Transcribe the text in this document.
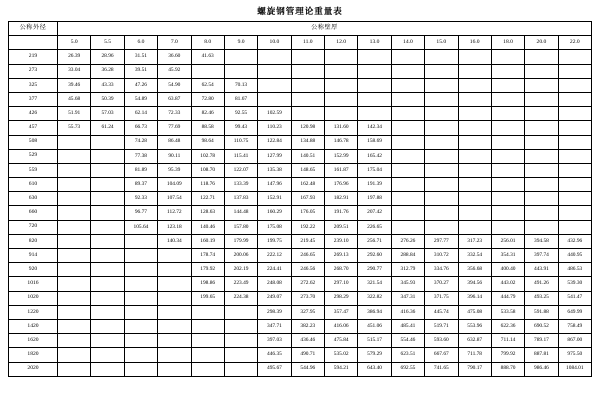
螺旋钢管理论重量表
公称外径	公称壁厚															
	5.0	5.5	6.0	7.0	8.0	9.0	10.0	11.0	12.0	13.0	14.0	15.0	16.0	18.0	20.0	22.0
219	26.39	28.96	31.51	36.60	41.63											
273	33.04	36.28	39.51	45.92												
325	39.46	43.33	47.26	54.90	62.54	70.13										
377	45.68	50.39	54.89	63.87	72.80	81.67										
426	51.91	57.03	62.14	72.33	82.46	92.55	102.59									
457	55.73	61.24	66.73	77.69	88.58	99.43	110.23	120.98	131.60	142.34						
508			74.28	86.48	98.64	110.75	122.84	134.88	146.78	158.69						
529			77.38	90.11	102.78	115.41	127.99	140.51	152.99	165.42						
559			81.89	95.39	108.70	122.07	135.38	148.65	161.87	175.04						
610			89.37	104.09	118.76	133.39	147.96	162.48	176.96	191.39						
630			92.33	107.54	122.71	137.83	152.91	167.93	182.91	197.88						
660			96.77	112.72	128.63	144.48	160.29	176.05	191.76	207.42						
720			105.64	123.18	140.46	157.80	175.08	192.22	209.51	226.65						
820				140.34	160.19	179.99	199.75	219.45	239.10	256.71	276.26	297.77	317.23	256.01	394.58	432.96
914					178.74	200.06	222.12	246.65	269.13	292.60	288.84	310.72	332.54	354.31	397.74	440.95
920					179.92	202.19	224.41	246.56	268.70	290.77	312.79	334.76	356.68	400.40	443.91	486.53
1016					198.86	223.49	248.08	272.62	297.10	321.54	345.93	370.27	394.56	443.02	491.26	539.30
1020					199.65	224.38	249.07	273.70	298.29	322.82	347.31	371.75	396.14	444.79	493.25	541.47
1220							298.39	327.95	357.47	386.94	416.36	445.74	475.08	533.58	591.88	649.99
1420							347.71	382.23	416.06	451.06	485.41	519.71	553.96	622.36	690.52	758.49
1620							397.03	436.46	475.84	515.17	554.46	593.60	632.87	711.14	789.17	867.00
1820							446.35	490.71	535.02	579.29	623.51	667.67	711.78	799.92	887.81	975.50
2020							495.67	544.96	594.21	643.40	692.55	741.65	790.17	888.70	986.46	1084.01
